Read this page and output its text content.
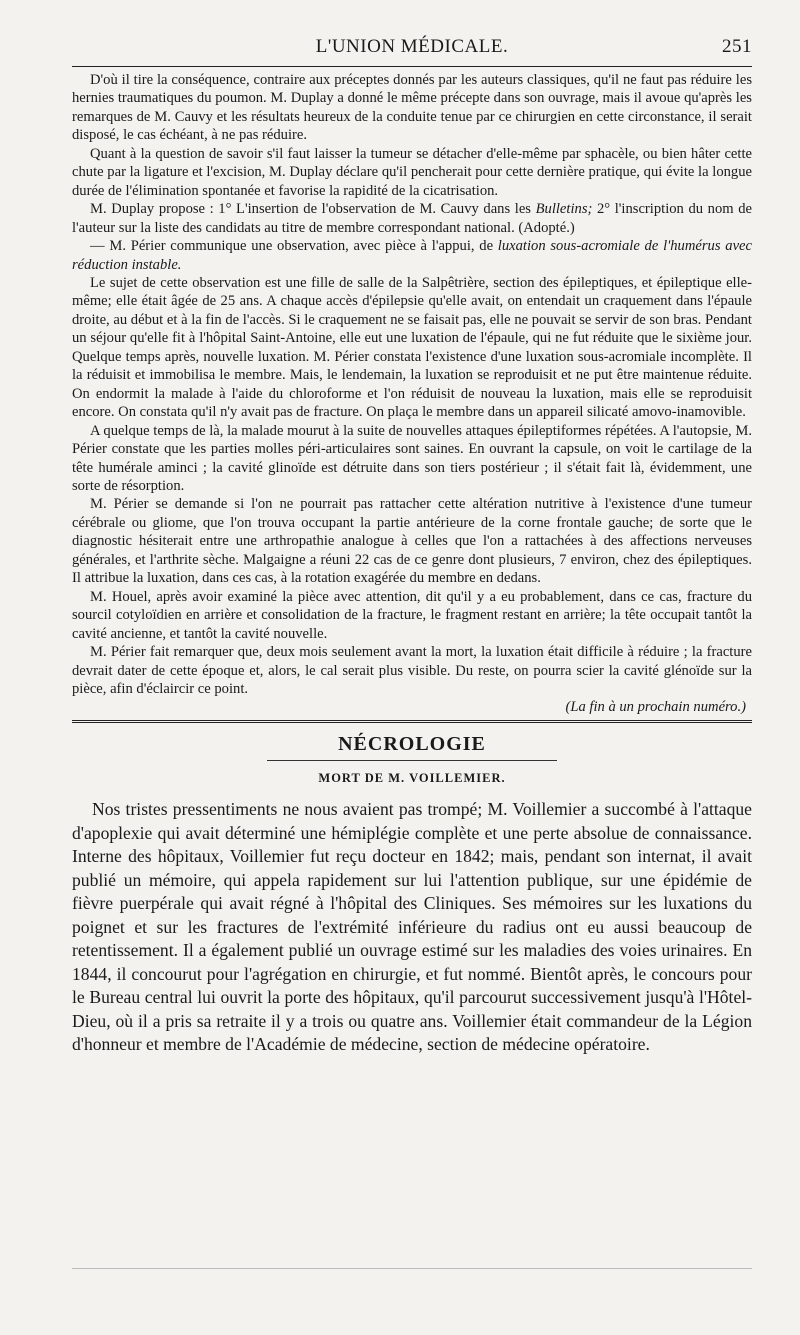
L'UNION MÉDICALE.	251

D'où il tire la conséquence, contraire aux préceptes donnés par les auteurs classiques, qu'il ne faut pas réduire les hernies traumatiques du poumon. M. Duplay a donné le même précepte dans son ouvrage, mais il avoue qu'après les remarques de M. Cauvy et les résultats heureux de la conduite tenue par ce chirurgien en cette circonstance, il serait disposé, le cas échéant, à ne pas réduire.

Quant à la question de savoir s'il faut laisser la tumeur se détacher d'elle-même par sphacèle, ou bien hâter cette chute par la ligature et l'excision, M. Duplay déclare qu'il pencherait pour cette dernière pratique, qui évite la longue durée de l'élimination spontanée et favorise la rapidité de la cicatrisation.

M. Duplay propose : 1° L'insertion de l'observation de M. Cauvy dans les Bulletins; 2° l'inscription du nom de l'auteur sur la liste des candidats au titre de membre correspondant national. (Adopté.)

— M. Périer communique une observation, avec pièce à l'appui, de luxation sous-acromiale de l'humérus avec réduction instable.

Le sujet de cette observation est une fille de salle de la Salpêtrière, section des épileptiques, et épileptique elle-même; elle était âgée de 25 ans. A chaque accès d'épilepsie qu'elle avait, on entendait un craquement dans l'épaule droite, au début et à la fin de l'accès. Si le craquement ne se faisait pas, elle ne pouvait se servir de son bras. Pendant un séjour qu'elle fit à l'hôpital Saint-Antoine, elle eut une luxation de l'épaule, qui ne fut réduite que le sixième jour. Quelque temps après, nouvelle luxation. M. Périer constata l'existence d'une luxation sous-acromiale incomplète. Il la réduisit et immobilisa le membre. Mais, le lendemain, la luxation se reproduisit et ne put être maintenue réduite. On endormit la malade à l'aide du chloroforme et l'on réduisit de nouveau la luxation, mais elle se reproduisit encore. On constata qu'il n'y avait pas de fracture. On plaça le membre dans un appareil silicaté amovo-inamovible.

A quelque temps de là, la malade mourut à la suite de nouvelles attaques épileptiformes répétées. A l'autopsie, M. Périer constate que les parties molles péri-articulaires sont saines. En ouvrant la capsule, on voit le cartilage de la tête humérale aminci ; la cavité glinoïde est détruite dans son tiers postérieur ; il s'était fait là, évidemment, une sorte de résorption.

M. Périer se demande si l'on ne pourrait pas rattacher cette altération nutritive à l'existence d'une tumeur cérébrale ou gliome, que l'on trouva occupant la partie antérieure de la corne frontale gauche; de sorte que le diagnostic hésiterait entre une arthropathie analogue à celles que l'on a rattachées à des affections nerveuses générales, et l'arthrite sèche. Malgaigne a réuni 22 cas de ce genre dont plusieurs, 7 environ, chez des épileptiques. Il attribue la luxation, dans ces cas, à la rotation exagérée du membre en dedans.

M. Houel, après avoir examiné la pièce avec attention, dit qu'il y a eu probablement, dans ce cas, fracture du sourcil cotyloïdien en arrière et consolidation de la fracture, le fragment restant en arrière; la tête occupait tantôt la cavité ancienne, et tantôt la cavité nouvelle.

M. Périer fait remarquer que, deux mois seulement avant la mort, la luxation était difficile à réduire ; la fracture devrait dater de cette époque et, alors, le cal serait plus visible. Du reste, on pourra scier la cavité glénoïde sur la pièce, afin d'éclaircir ce point.

(La fin à un prochain numéro.)

NÉCROLOGIE
MORT DE M. VOILLEMIER.

Nos tristes pressentiments ne nous avaient pas trompé; M. Voillemier a succombé à l'attaque d'apoplexie qui avait déterminé une hémiplégie complète et une perte absolue de connaissance. Interne des hôpitaux, Voillemier fut reçu docteur en 1842; mais, pendant son internat, il avait publié un mémoire, qui appela rapidement sur lui l'attention publique, sur une épidémie de fièvre puerpérale qui avait régné à l'hôpital des Cliniques. Ses mémoires sur les luxations du poignet et sur les fractures de l'extrémité inférieure du radius ont eu aussi beaucoup de retentissement. Il a également publié un ouvrage estimé sur les maladies des voies urinaires. En 1844, il concourut pour l'agrégation en chirurgie, et fut nommé. Bientôt après, le concours pour le Bureau central lui ouvrit la porte des hôpitaux, qu'il parcourut successivement jusqu'à l'Hôtel-Dieu, où il a pris sa retraite il y a trois ou quatre ans. Voillemier était commandeur de la Légion d'honneur et membre de l'Académie de médecine, section de médecine opératoire.
